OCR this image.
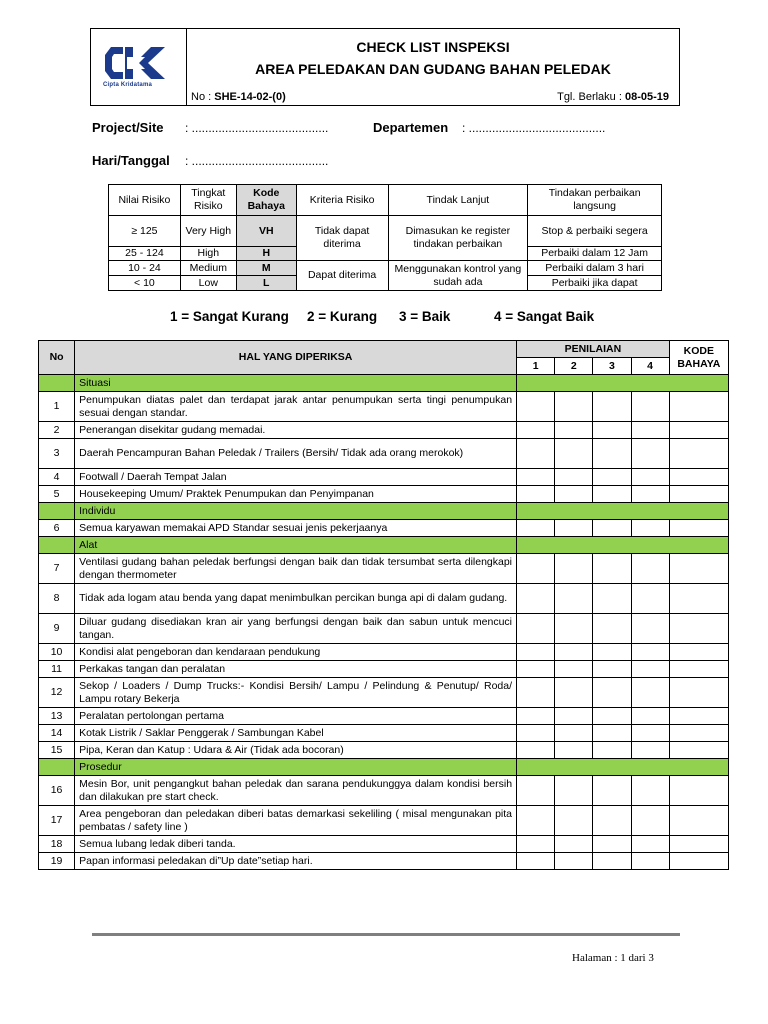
Cipta Kridatama
CHECK LIST INSPEKSI
AREA PELEDAKAN DAN GUDANG BAHAN PELEDAK
No : SHE-14-02-(0)	Tgl. Berlaku : 08-05-19
Project/Site : .........................................	Departemen : .........................................
Hari/Tanggal : .........................................
Nilai Risiko	Tingkat Risiko	Kode Bahaya	Kriteria Risiko	Tindak Lanjut	Tindakan perbaikan langsung
≥ 125	Very High	VH	Tidak dapat diterima	Dimasukan ke register tindakan perbaikan	Stop & perbaiki segera
25 - 124	High	H			Perbaiki dalam 12 Jam
10 - 24	Medium	M	Dapat diterima	Menggunakan kontrol yang sudah ada	Perbaiki dalam 3 hari
< 10	Low	L			Perbaiki jika dapat
1 = Sangat Kurang 2 = Kurang 3 = Baik	4 = Sangat Baik
No	HAL YANG DIPERIKSA	PENILAIAN				KODE BAHAYA
		1	2	3	4	
	Situasi					
1	Penumpukan diatas palet dan terdapat jarak antar penumpukan serta tingi penumpukan sesuai dengan standar.					
2	Penerangan disekitar gudang memadai.					
3	Daerah Pencampuran Bahan Peledak / Trailers (Bersih/ Tidak ada orang merokok)					
4	Footwall / Daerah Tempat Jalan					
5	Housekeeping Umum/ Praktek Penumpukan dan Penyimpanan					
	Individu					
6	Semua karyawan memakai APD Standar sesuai jenis pekerjaanya					
	Alat					
7	Ventilasi gudang bahan peledak berfungsi dengan baik dan tidak tersumbat serta dilengkapi dengan thermometer					
8	Tidak ada logam atau benda yang dapat menimbulkan percikan bunga api di dalam gudang.					
9	Diluar gudang disediakan kran air yang berfungsi dengan baik dan sabun untuk mencuci tangan.					
10	Kondisi alat pengeboran dan kendaraan pendukung					
11	Perkakas tangan dan peralatan					
12	Sekop / Loaders / Dump Trucks:- Kondisi Bersih/ Lampu / Pelindung & Penutup/ Roda/ Lampu rotary Bekerja					
13	Peralatan pertolongan pertama					
14	Kotak Listrik / Saklar Penggerak / Sambungan Kabel					
15	Pipa, Keran dan Katup : Udara & Air (Tidak ada bocoran)					
	Prosedur					
16	Mesin Bor, unit pengangkut bahan peledak dan sarana pendukunggya dalam kondisi bersih dan dilakukan pre start check.					
17	Area pengeboran dan peledakan diberi batas demarkasi sekeliling ( misal mengunakan pita pembatas / safety line )					
18	Semua lubang ledak diberi tanda.					
19	Papan informasi peledakan di”Up date”setiap hari.					
Halaman : 1 dari 3
